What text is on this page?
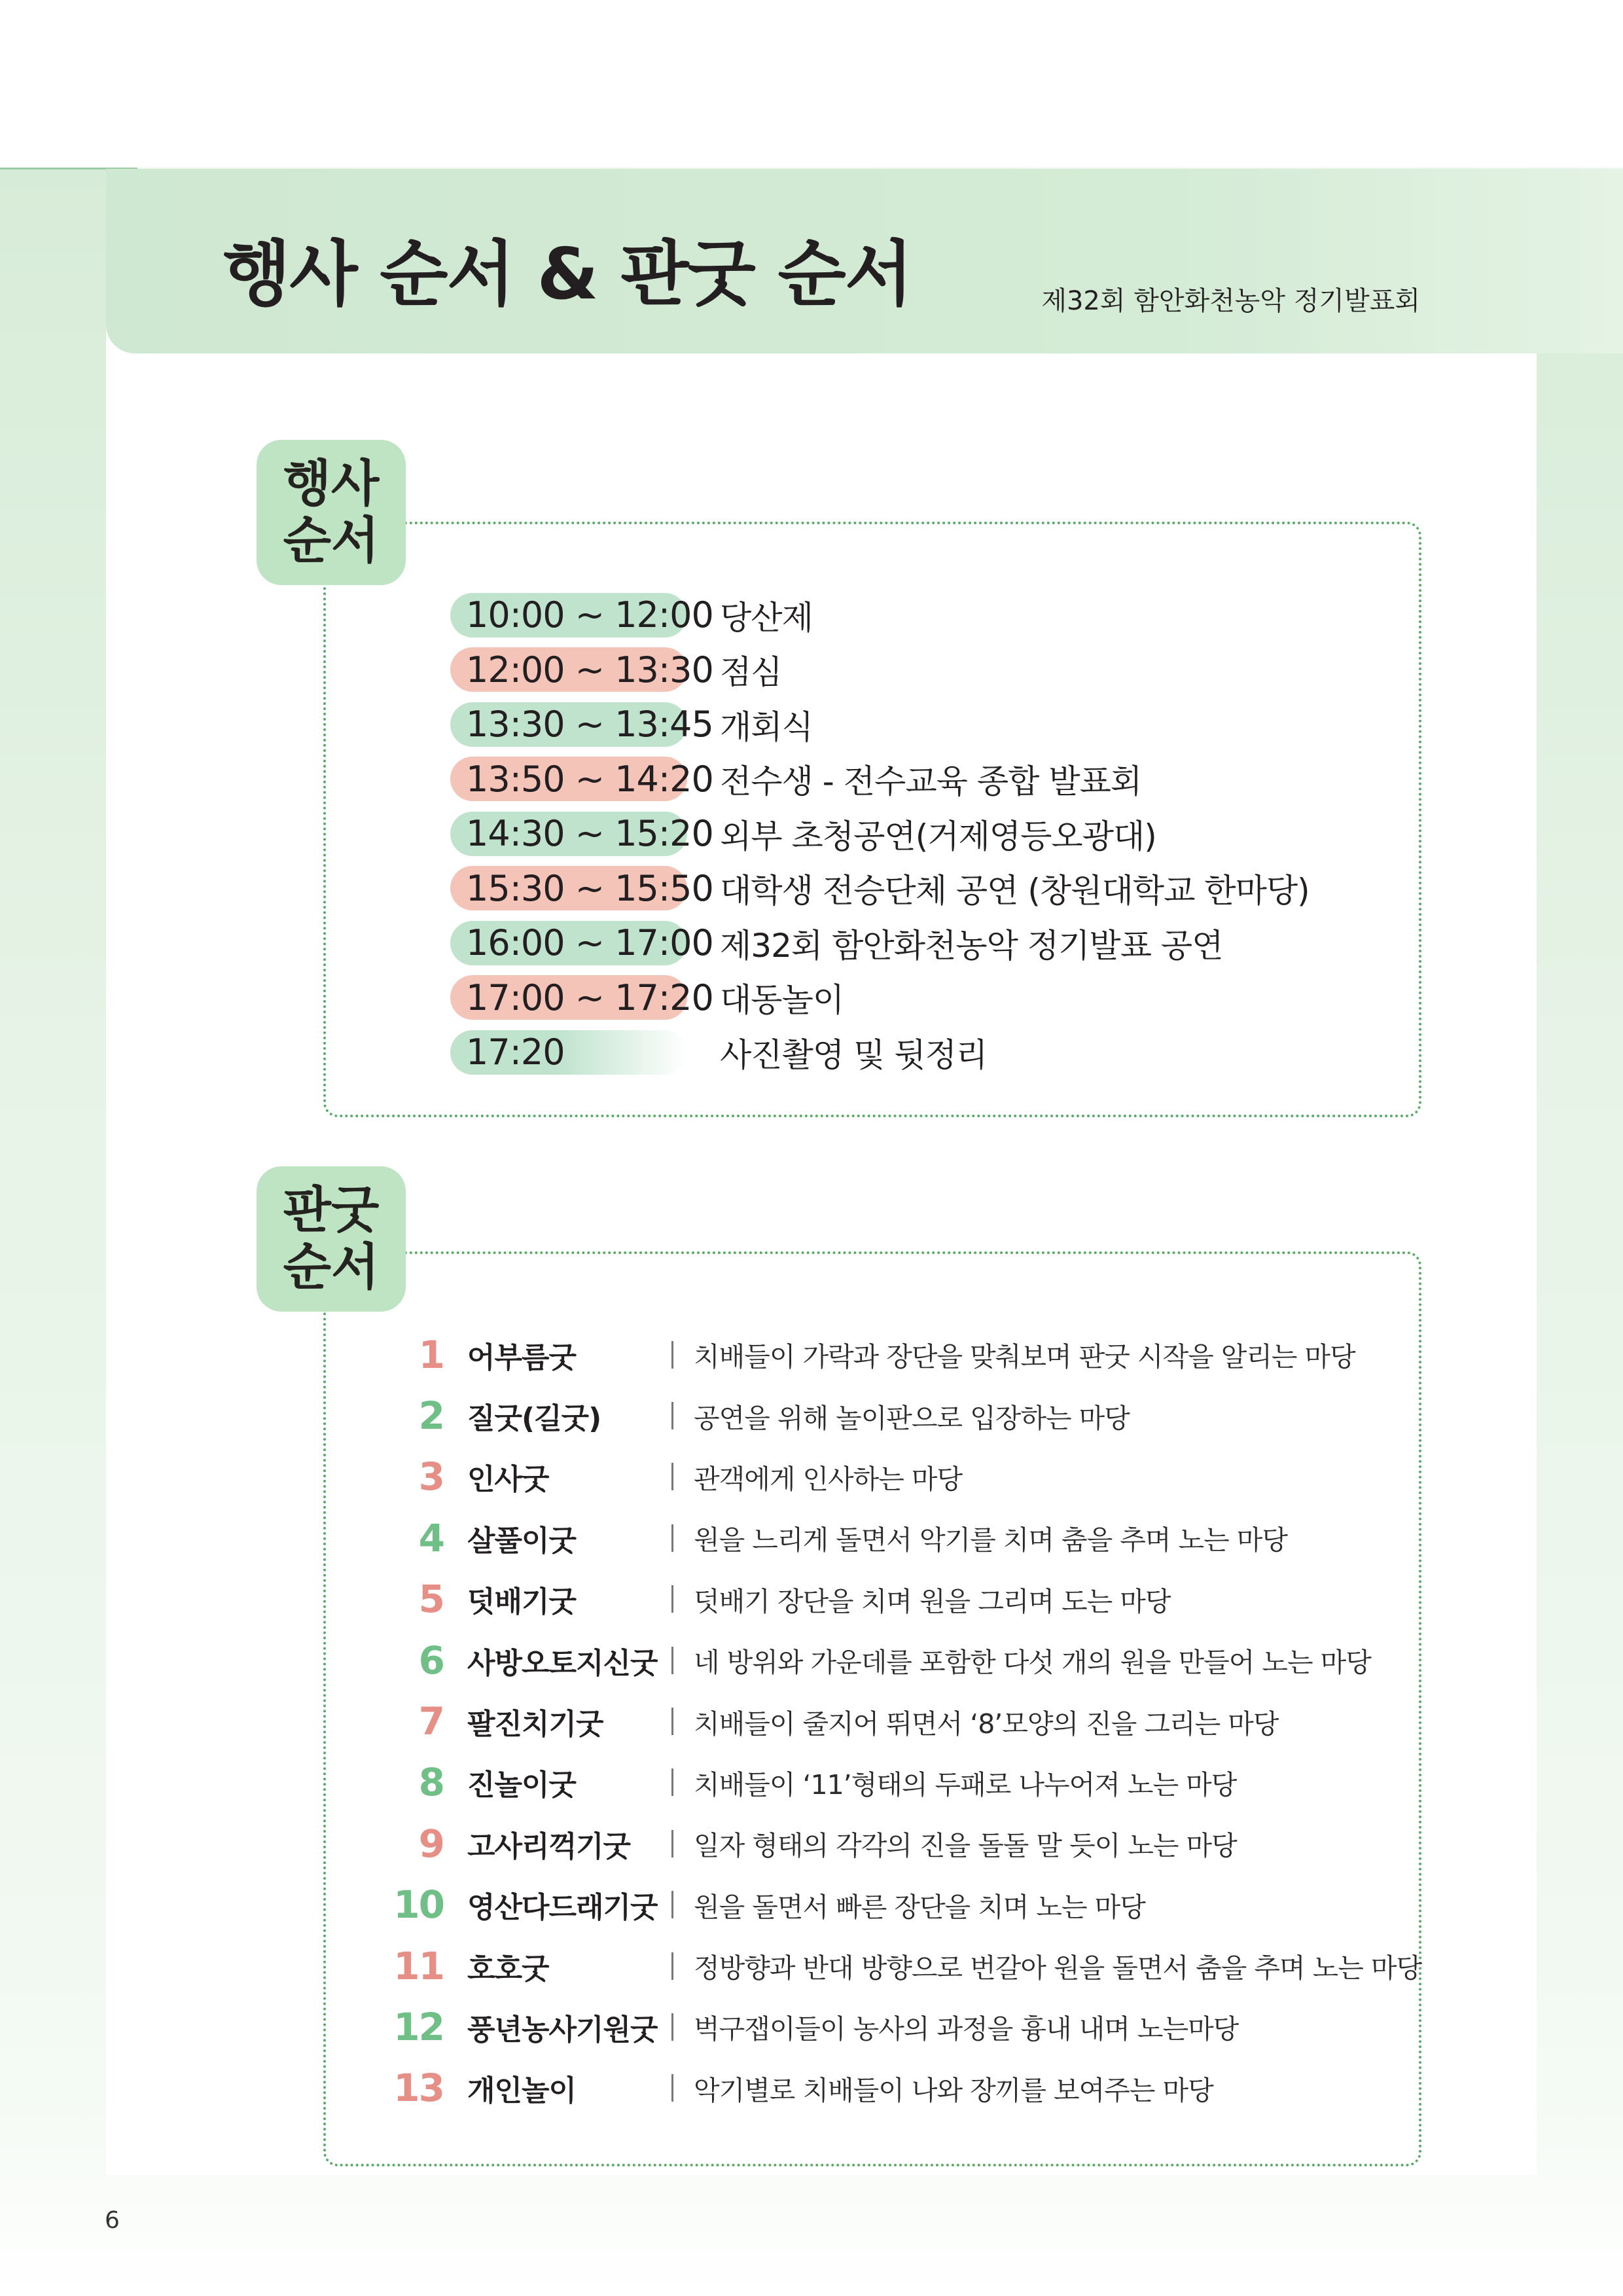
행사 순서 & 판굿 순서	제32회 함안화천농악 정기발표회
행사
순서
10:00 ~ 12:00 당산제
12:00 ~ 13:30 점심
13:30 ~ 13:45 개회식
13:50 ~ 14:20 전수생 - 전수교육 종합 발표회
14:30 ~ 15:20 외부 초청공연(거제영등오광대)
15:30 ~ 15:50 대학생 전승단체 공연 (창원대학교 한마당)
16:00 ~ 17:00 제32회 함안화천농악 정기발표 공연
17:00 ~ 17:20 대동놀이
17:20	사진촬영 및 뒷정리
판굿
순서
1 어부름굿	치배들이 가락과 장단을 맞춰보며 판굿 시작을 알리는 마당
2 질굿(길굿)	공연을 위해 놀이판으로 입장하는 마당
3 인사굿	관객에게 인사하는 마당
4 살풀이굿	원을 느리게 돌면서 악기를 치며 춤을 추며 노는 마당
5 덧배기굿	덧배기 장단을 치며 원을 그리며 도는 마당
6 사방오토지신굿	네 방위와 가운데를 포함한 다섯 개의 원을 만들어 노는 마당
7 팔진치기굿	치배들이 줄지어 뛰면서 ‘8’모양의 진을 그리는 마당
8 진놀이굿	치배들이 ‘11’형태의 두패로 나누어져 노는 마당
9 고사리꺽기굿	일자 형태의 각각의 진을 돌돌 말 듯이 노는 마당
10 영산다드래기굿	원을 돌면서 빠른 장단을 치며 노는 마당
11 호호굿	정방향과 반대 방향으로 번갈아 원을 돌면서 춤을 추며 노는 마당
12 풍년농사기원굿	벅구잽이들이 농사의 과정을 흉내 내며 노는마당
13 개인놀이	악기별로 치배들이 나와 장끼를 보여주는 마당
6
